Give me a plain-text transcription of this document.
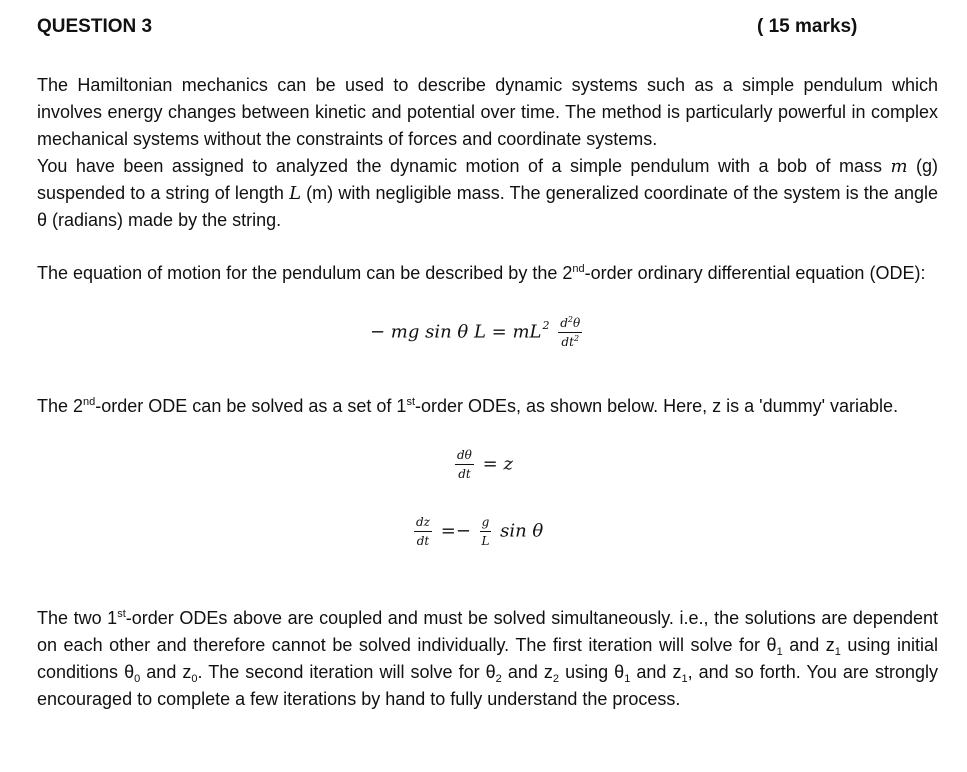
QUESTION 3	( 15 marks)
The Hamiltonian mechanics can be used to describe dynamic systems such as a simple pendulum which involves energy changes between kinetic and potential over time. The method is particularly powerful in complex mechanical systems without the constraints of forces and coordinate systems.
You have been assigned to analyzed the dynamic motion of a simple pendulum with a bob of mass m (g) suspended to a string of length L (m) with negligible mass. The generalized coordinate of the system is the angle θ (radians) made by the string.
The equation of motion for the pendulum can be described by the 2nd-order ordinary differential equation (ODE):
− mg sin θ $L = mL^2 \frac{d^2\theta}{dt^2}$
The 2nd-order ODE can be solved as a set of 1st-order ODEs, as shown below. Here, z is a 'dummy' variable.
$\frac{d\theta}{dt} = z$
$\frac{dz}{dt} =- \frac{g}{L}$ sin θ
The two 1st-order ODEs above are coupled and must be solved simultaneously. i.e., the solutions are dependent on each other and therefore cannot be solved individually. The first iteration will solve for $\theta_1$ and $z_1$ using initial conditions $\theta_0$ and $z_0$. The second iteration will solve for $\theta_2$ and $z_2$ using $\theta_1$ and $z_1$, and so forth. You are strongly encouraged to complete a few iterations by hand to fully understand the process.
